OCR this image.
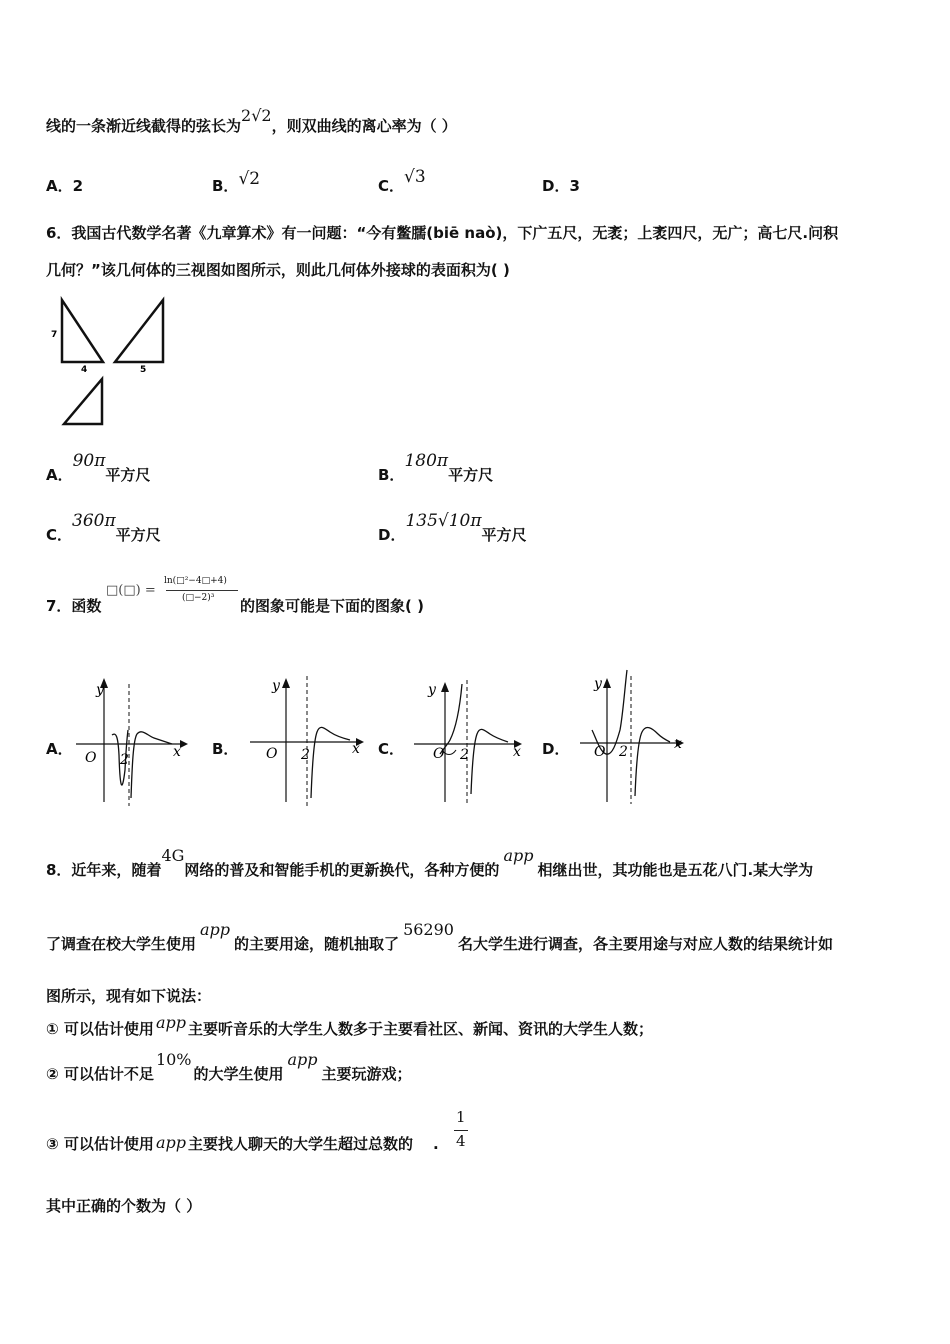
线的一条渐近线截得的弦长为2√2，则双曲线的离心率为（ ）
A．2	B．√2	C．√3	D．3
6．我国古代数学名著《九章算术》有一问题：“今有鳖臑(biē naò)，下广五尺，无袤；上袤四尺，无广；高七尺.问积
几何？”该几何体的三视图如图所示，则此几何体外接球的表面积为( )
7
4	5
A．90π平方尺	B．180π平方尺
C．360π平方尺	D．135√10π平方尺
7．函数
□(□) =
ln(□²−4□+4)
(□−2)³ 的图象可能是下面的图象( )
A．
y
x
O 2
B．
y
x
O 2	C．
y
x
O 2	D．
y
x
O 2
8．近年来，随着4G网络的普及和智能手机的更新换代，各种方便的app相继出世，其功能也是五花八门.某大学为
了调查在校大学生使用app的主要用途，随机抽取了56290名大学生进行调查，各主要用途与对应人数的结果统计如
图所示，现有如下说法：
① 可以估计使用 app 主要听音乐的大学生人数多于主要看社区、新闻、资讯的大学生人数；
② 可以估计不足10%的大学生使用app主要玩游戏；
③ 可以估计使用 app 主要找人聊天的大学生超过总数的 .
1
4
其中正确的个数为（ ）
